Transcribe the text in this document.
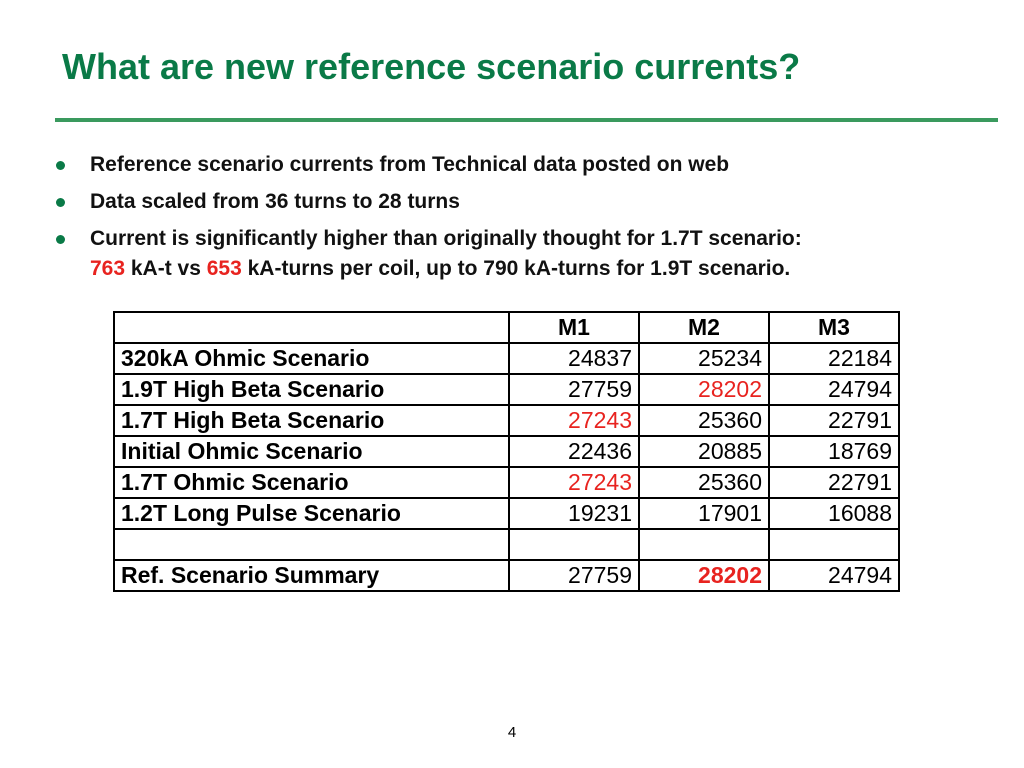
What are new reference scenario currents?
Reference scenario currents from Technical data posted on web
Data scaled from 36 turns to 28 turns
Current is significantly higher than originally thought for 1.7T scenario:
763 kA-t vs 653 kA-turns per coil, up to 790 kA-turns for 1.9T scenario.
	M1	M2	M3
320kA Ohmic Scenario	24837	25234	22184
1.9T High Beta Scenario	27759	28202	24794
1.7T High Beta Scenario	27243	25360	22791
Initial Ohmic Scenario	22436	20885	18769
1.7T Ohmic Scenario	27243	25360	22791
1.2T Long Pulse Scenario	19231	17901	16088

Ref. Scenario Summary	27759	28202	24794
4
